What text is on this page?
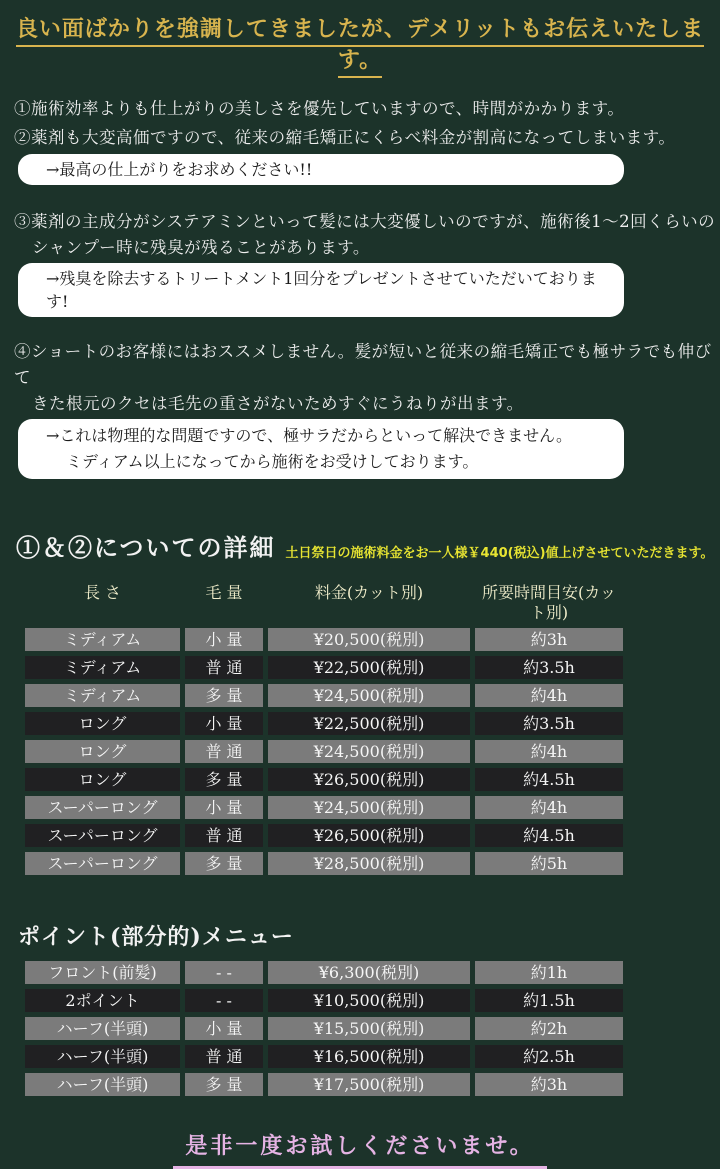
良い面ばかりを強調してきましたが、デメリットもお伝えいたします。

①施術効率よりも仕上がりの美しさを優先していますので、時間がかかります。

②薬剤も大変高価ですので、従来の縮毛矯正にくらべ料金が割高になってしまいます。

→最高の仕上がりをお求めください!!

③薬剤の主成分がシステアミンといって髪には大変優しいのですが、施術後1～2回くらいの

シャンプー時に残臭が残ることがあります。

→残臭を除去するトリートメント1回分をプレゼントさせていただいております!

④ショートのお客様にはおススメしません。髪が短いと従来の縮毛矯正でも極サラでも伸びて

きた根元のクセは毛先の重さがないためすぐにうねりが出ます。

→これは物理的な問題ですので、極サラだからといって解決できません。
ミディアム以上になってから施術をお受けしております。
①＆②についての詳細 土日祭日の施術料金をお一人様￥440(税込)値上げさせていただきます。
長 さ	毛 量	料金(カット別)	所要時間目安(カット別)
ミディアム	小 量	¥20,500(税別)	約3h
ミディアム	普 通	¥22,500(税別)	約3.5h
ミディアム	多 量	¥24,500(税別)	約4h
ロング	小 量	¥22,500(税別)	約3.5h
ロング	普 通	¥24,500(税別)	約4h
ロング	多 量	¥26,500(税別)	約4.5h
スーパーロング	小 量	¥24,500(税別)	約4h
スーパーロング	普 通	¥26,500(税別)	約4.5h
スーパーロング	多 量	¥28,500(税別)	約5h
ポイント(部分的)メニュー
フロント(前髪)	- -	¥6,300(税別)	約1h
2ポイント	- -	¥10,500(税別)	約1.5h
ハーフ(半頭)	小 量	¥15,500(税別)	約2h
ハーフ(半頭)	普 通	¥16,500(税別)	約2.5h
ハーフ(半頭)	多 量	¥17,500(税別)	約3h
是非一度お試しくださいませ。
